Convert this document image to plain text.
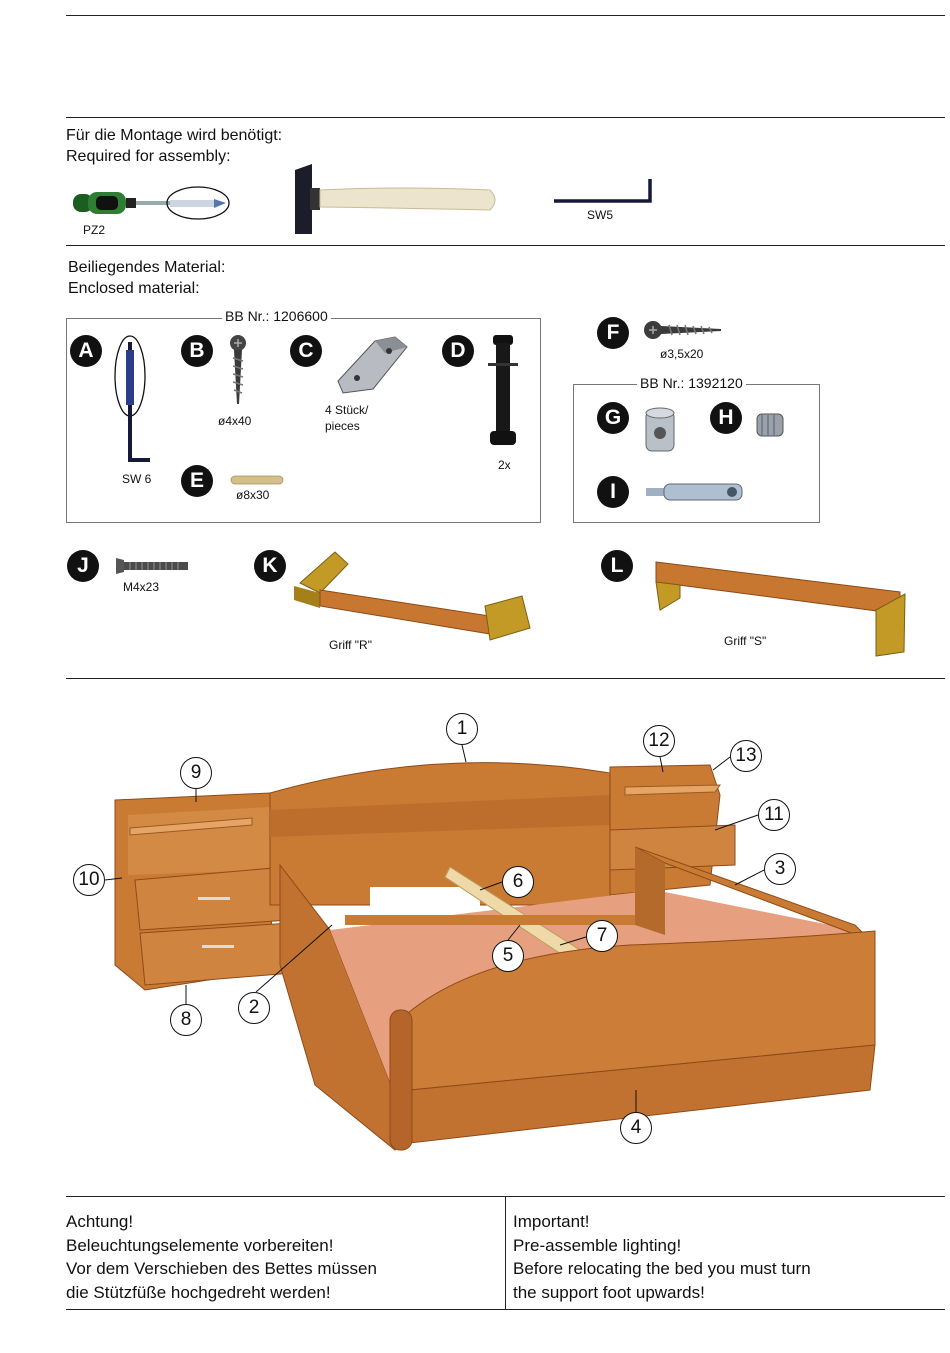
Für die Montage wird benötigt:
Required for assembly:
PZ2
SW5
Beiliegendes Material:
Enclosed material:
BB Nr.: 1206600
A
SW 6
B
ø4x40
C
4 Stück/
pieces
D
2x
E
ø8x30
F
ø3,5x20
BB Nr.: 1392120
G	H
I
J
M4x23
K
Griff "R"
L
Griff "S"
1
2
3
4
5
6
7
8
9
10
11
12
13
Achtung!
Beleuchtungselemente vorbereiten!
Vor dem Verschieben des Bettes müssen
die Stützfüße hochgedreht werden!
Important!
Pre-assemble lighting!
Before relocating the bed you must turn
the support foot upwards!
